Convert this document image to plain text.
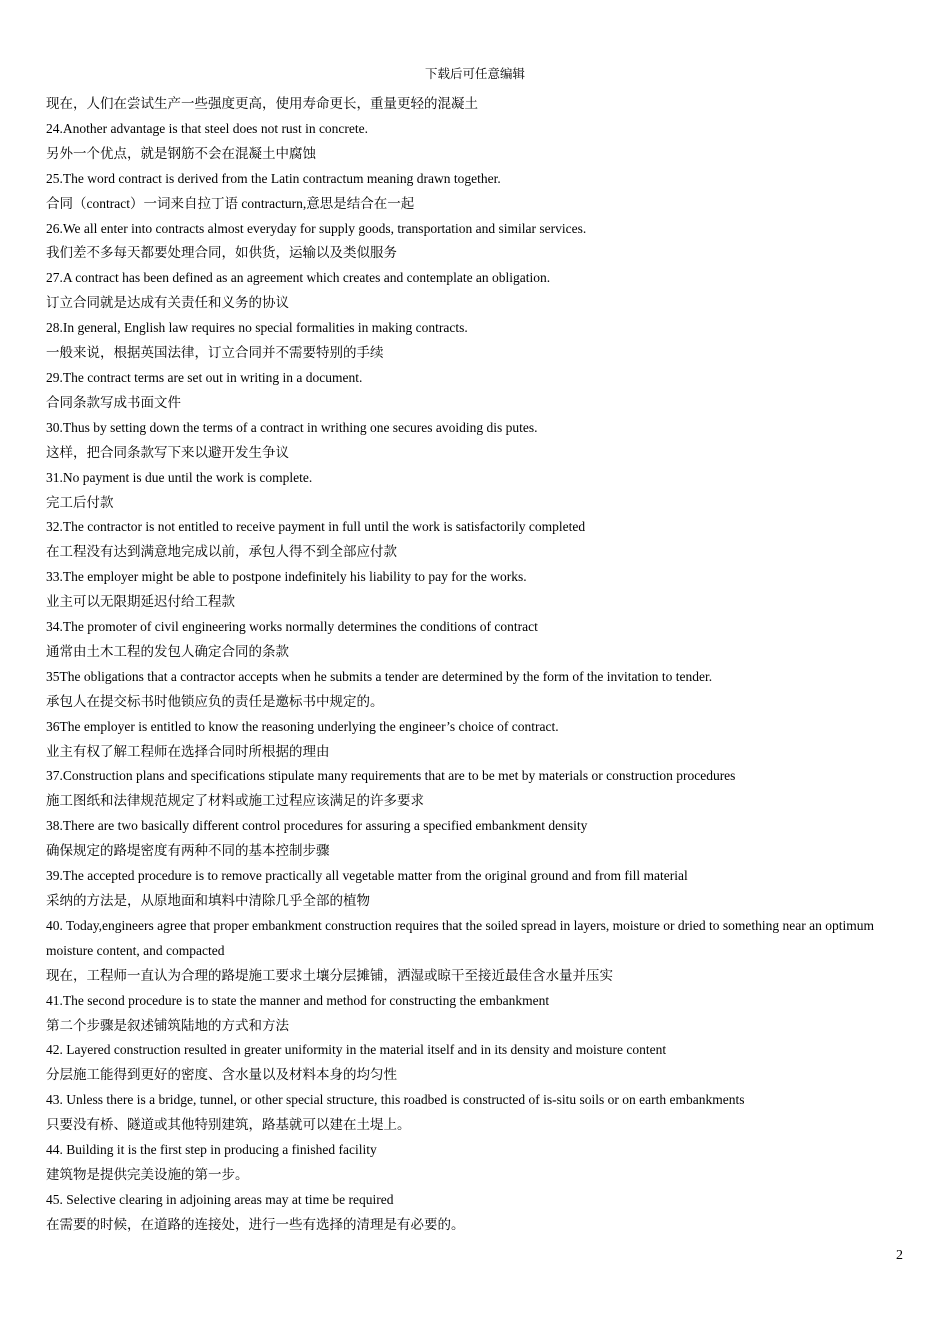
下载后可任意编辑
现在，人们在尝试生产一些强度更高，使用寿命更长，重量更轻的混凝土
24.Another advantage is that steel does not rust in concrete.
另外一个优点，就是钢筋不会在混凝土中腐蚀
25.The word contract is derived from the Latin contractum meaning drawn together.
合同（contract）一词来自拉丁语 contracturn,意思是结合在一起
26.We all enter into contracts almost everyday for supply goods, transportation and similar services.
我们差不多每天都要处理合同，如供货，运输以及类似服务
27.A contract has been defined as an agreement which creates and contemplate an obligation.
订立合同就是达成有关责任和义务的协议
28.In general, English law requires no special formalities in making contracts.
一般来说，根据英国法律，订立合同并不需要特别的手续
29.The contract terms are set out in writing in a document.
合同条款写成书面文件
30.Thus by setting down the terms of a contract in writhing one secures avoiding dis putes.
这样，把合同条款写下来以避开发生争议
31.No payment is due until the work is complete.
完工后付款
32.The contractor is not entitled to receive payment in full until the work is satisfactorily completed
在工程没有达到满意地完成以前，承包人得不到全部应付款
33.The employer might be able to postpone indefinitely his liability to pay for the works.
业主可以无限期延迟付给工程款
34.The promoter of civil engineering works normally determines the conditions of contract
通常由土木工程的发包人确定合同的条款
35The obligations that a contractor accepts when he submits a tender are determined by the form of the invitation to tender.
承包人在提交标书时他锁应负的责任是邀标书中规定的。
36The employer is entitled to know the reasoning underlying the engineer’s choice of contract.
业主有权了解工程师在选择合同时所根据的理由
37.Construction plans and specifications stipulate many requirements that are to be met by materials or construction procedures
施工图纸和法律规范规定了材料或施工过程应该满足的许多要求
38.There are two basically different control procedures for assuring a specified embankment density
确保规定的路堤密度有两种不同的基本控制步骤
39.The accepted procedure is to remove practically all vegetable matter from the original ground and from fill material
采纳的方法是，从原地面和填料中清除几乎全部的植物
40. Today,engineers agree that proper embankment construction requires that the soiled spread in layers, moisture or dried to something near an optimum moisture content, and compacted
现在，工程师一直认为合理的路堤施工要求土壤分层摊铺，洒湿或晾干至接近最佳含水量并压实
41.The second procedure is to state the manner and method for constructing the embankment
第二个步骤是叙述铺筑陆地的方式和方法
42. Layered construction resulted in greater uniformity in the material itself and in its density and moisture content
分层施工能得到更好的密度、含水量以及材料本身的均匀性
43. Unless there is a bridge, tunnel, or other special structure, this roadbed is constructed of is-situ soils or on earth embankments
只要没有桥、隧道或其他特别建筑，路基就可以建在土堤上。
44. Building it is the first step in producing a finished facility
建筑物是提供完美设施的第一步。
45. Selective clearing in adjoining areas may at time be required
在需要的时候，在道路的连接处，进行一些有选择的清理是有必要的。
2
